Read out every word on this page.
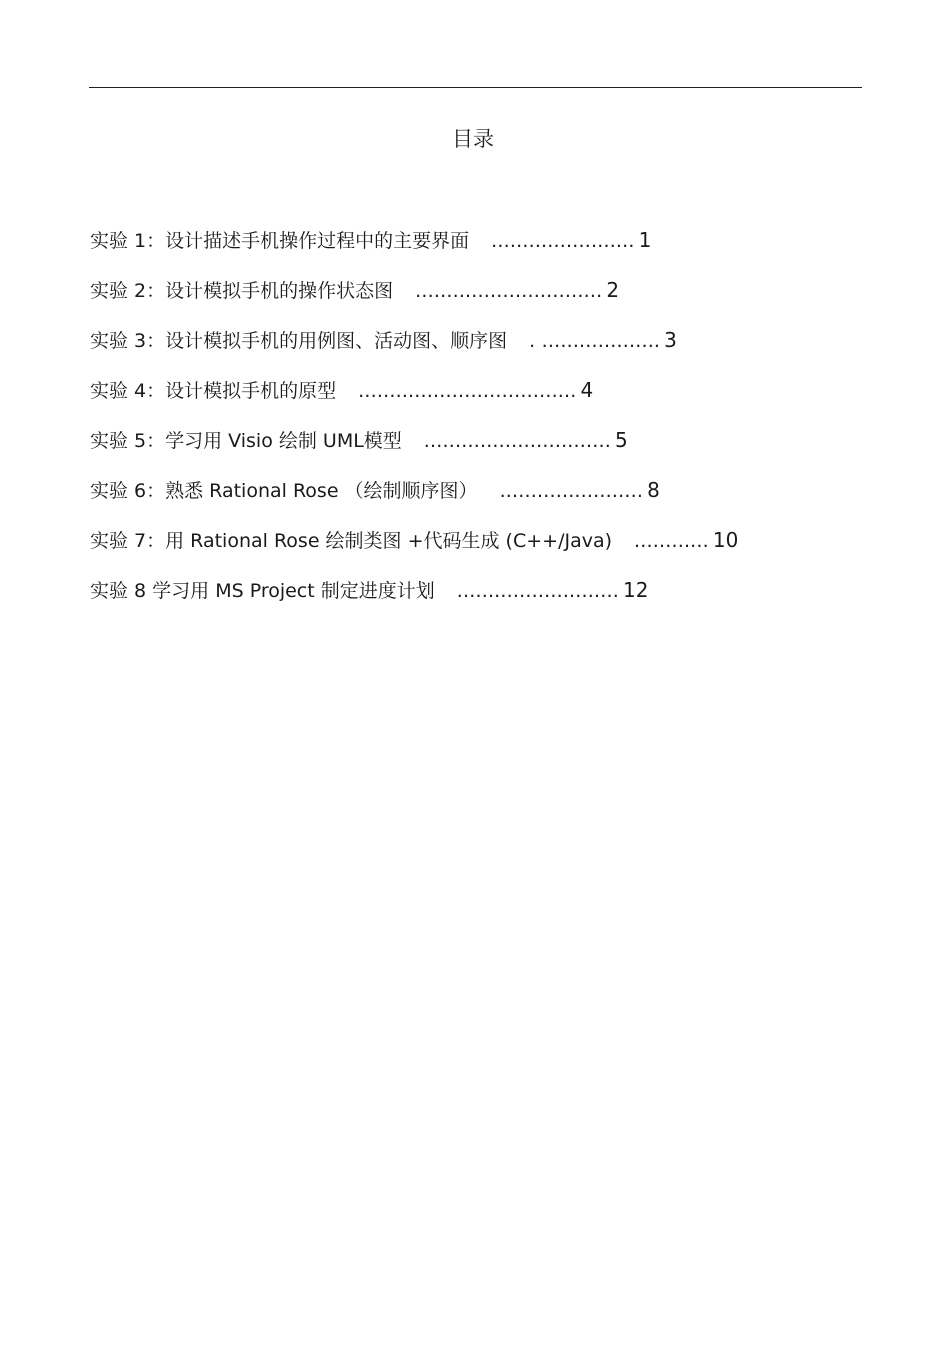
目录
实验 1：设计描述手机操作过程中的主要界面 ....................... 1
实验 2：设计模拟手机的操作状态图 .............................. 2
实验 3：设计模拟手机的用例图、活动图、顺序图 . ................... 3
实验 4：设计模拟手机的原型 ................................... 4
实验 5：学习用 Visio 绘制 UML模型 .............................. 5
实验 6：熟悉 Rational Rose （绘制顺序图） ....................... 8
实验 7：用 Rational Rose 绘制类图 +代码生成 (C++/Java) ............ 10
实验 8 学习用 MS Project 制定进度计划 .......................... 12
